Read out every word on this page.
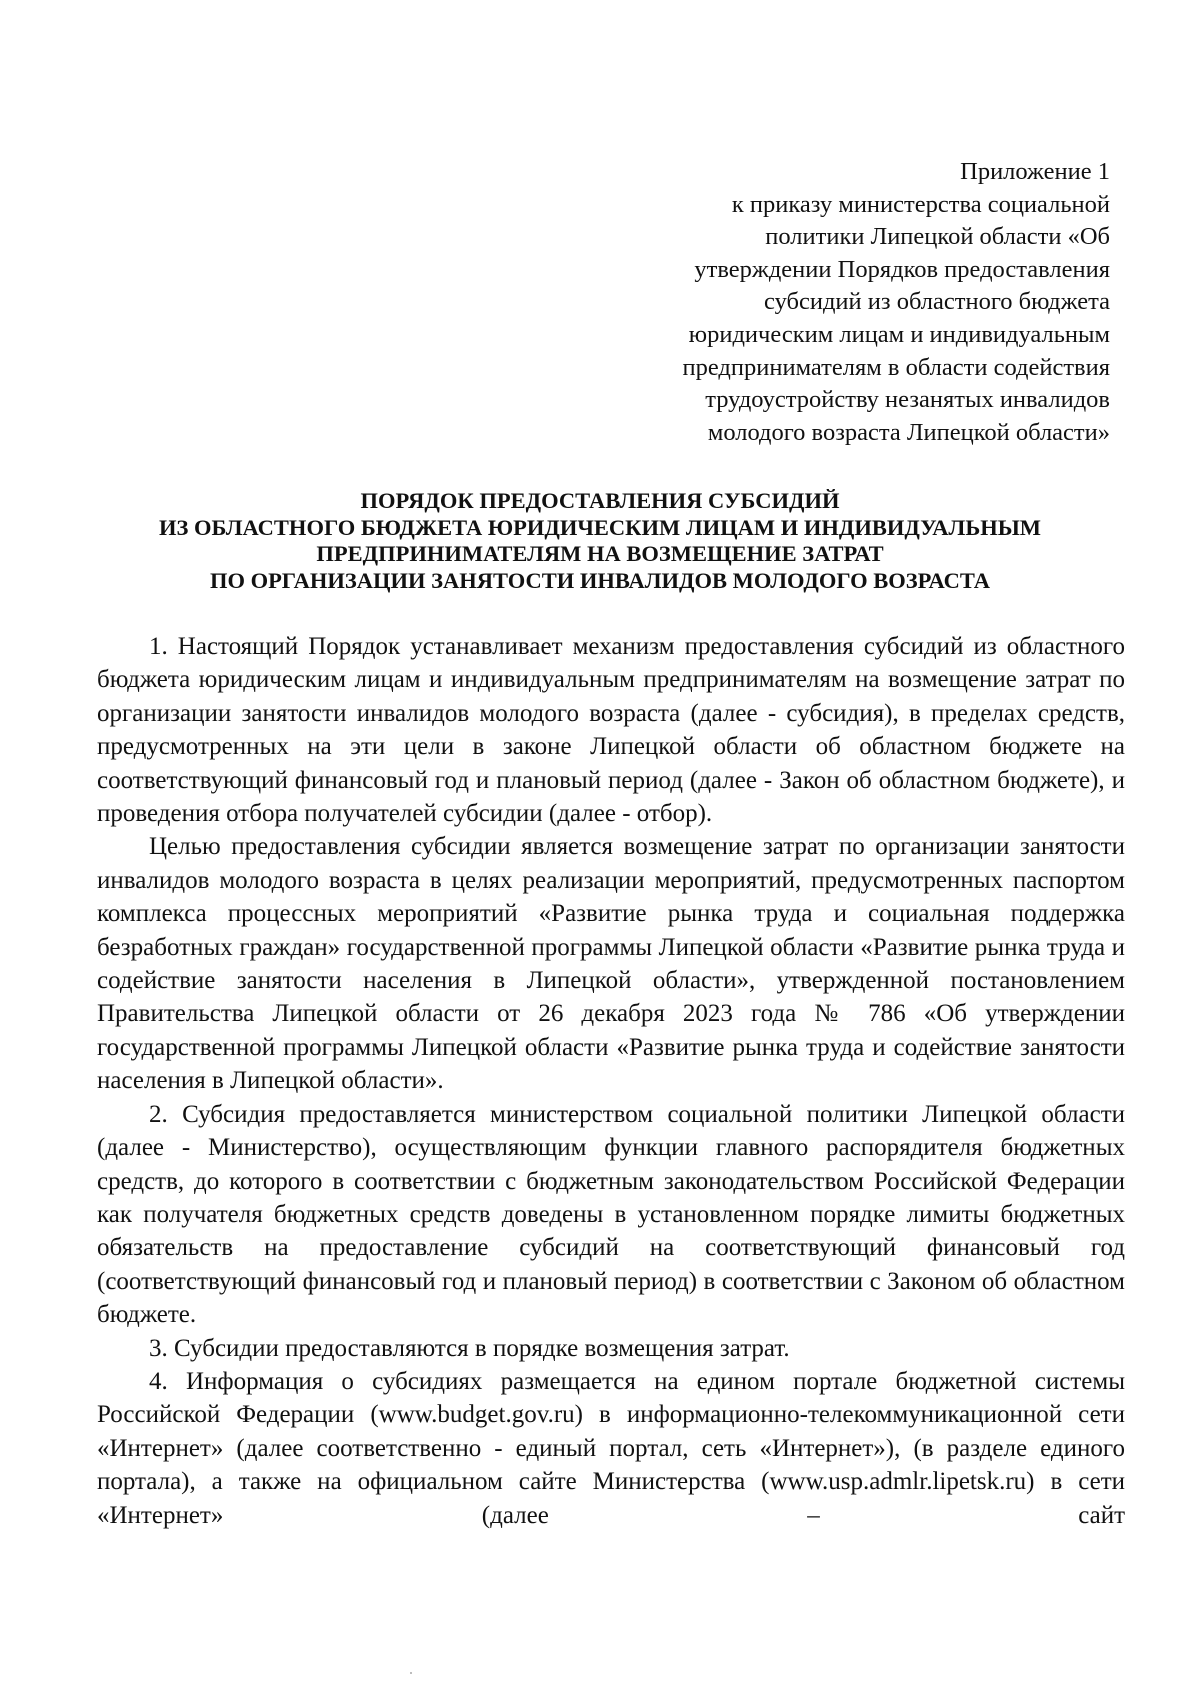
Приложение 1
к приказу министерства социальной
политики Липецкой области «Об
утверждении Порядков предоставления
субсидий из областного бюджета
юридическим лицам и индивидуальным
предпринимателям в области содействия
трудоустройству незанятых инвалидов
молодого возраста Липецкой области»
ПОРЯДОК ПРЕДОСТАВЛЕНИЯ СУБСИДИЙ
ИЗ ОБЛАСТНОГО БЮДЖЕТА ЮРИДИЧЕСКИМ ЛИЦАМ И ИНДИВИДУАЛЬНЫМ
ПРЕДПРИНИМАТЕЛЯМ НА ВОЗМЕЩЕНИЕ ЗАТРАТ
ПО ОРГАНИЗАЦИИ ЗАНЯТОСТИ ИНВАЛИДОВ МОЛОДОГО ВОЗРАСТА

1. Настоящий Порядок устанавливает механизм предоставления субсидий из областного бюджета юридическим лицам и индивидуальным предпринимателям на возмещение затрат по организации занятости инвалидов молодого возраста (далее - субсидия), в пределах средств, предусмотренных на эти цели в законе Липецкой области об областном бюджете на соответствующий финансовый год и плановый период (далее - Закон об областном бюджете), и проведения отбора получателей субсидии (далее - отбор).

Целью предоставления субсидии является возмещение затрат по организации занятости инвалидов молодого возраста в целях реализации мероприятий, предусмотренных паспортом комплекса процессных мероприятий «Развитие рынка труда и социальная поддержка безработных граждан» государственной программы Липецкой области «Развитие рынка труда и содействие занятости населения в Липецкой области», утвержденной постановлением Правительства Липецкой области от 26 декабря 2023 года № 786 «Об утверждении государственной программы Липецкой области «Развитие рынка труда и содействие занятости населения в Липецкой области».

2. Субсидия предоставляется министерством социальной политики Липецкой области (далее - Министерство), осуществляющим функции главного распорядителя бюджетных средств, до которого в соответствии с бюджетным законодательством Российской Федерации как получателя бюджетных средств доведены в установленном порядке лимиты бюджетных обязательств на предоставление субсидий на соответствующий финансовый год (соответствующий финансовый год и плановый период) в соответствии с Законом об областном бюджете.

3. Субсидии предоставляются в порядке возмещения затрат.

4. Информация о субсидиях размещается на едином портале бюджетной системы Российской Федерации (www.budget.gov.ru) в информационно-телекоммуникационной сети «Интернет» (далее соответственно - единый портал, сеть «Интернет»), (в разделе единого портала), а также на официальном сайте Министерства (www.usp.admlr.lipetsk.ru) в сети «Интернет» (далее – сайт
